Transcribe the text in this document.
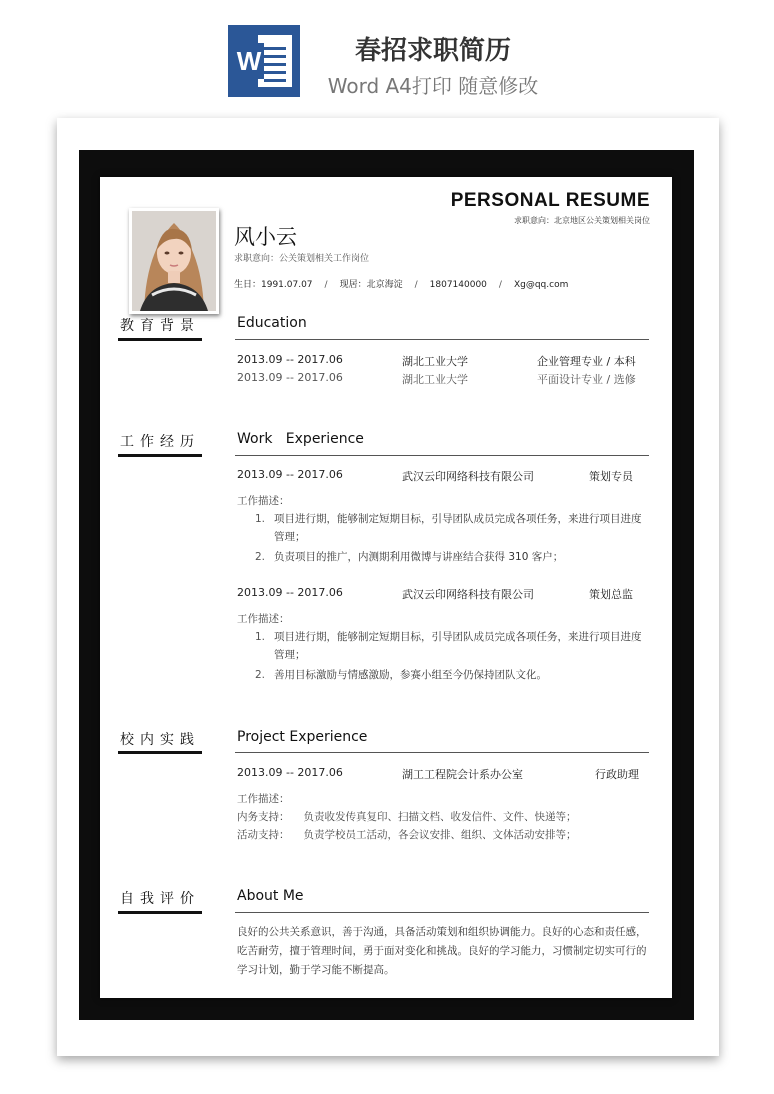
W	春招求职简历
Word A4打印 随意修改
PERSONAL RESUME
求职意向：北京地区公关策划相关岗位
风小云
求职意向：公关策划相关工作岗位
生日：1991.07.07 / 现居：北京海淀 / 1807140000 / Xg@qq.com
教育背景	Education
2013.09 -- 2017.06	湖北工业大学	企业管理专业 / 本科
2013.09 -- 2017.06	湖北工业大学	平面设计专业 / 选修
工作经历	Work   Experience
2013.09 -- 2017.06	武汉云印网络科技有限公司	策划专员
工作描述：
1. 项目进行期，能够制定短期目标，引导团队成员完成各项任务，来进行项目进度管理；
2. 负责项目的推广，内测期利用微博与讲座结合获得 310 客户；
2013.09 -- 2017.06	武汉云印网络科技有限公司	策划总监
工作描述：
1. 项目进行期，能够制定短期目标，引导团队成员完成各项任务，来进行项目进度管理；
2. 善用目标激励与情感激励，参赛小组至今仍保持团队文化。
校内实践	Project Experience
2013.09 -- 2017.06	湖工工程院会计系办公室	行政助理
工作描述：
内务支持： 负责收发传真复印、扫描文档、收发信件、文件、快递等；
活动支持： 负责学校员工活动，各会议安排、组织、文体活动安排等；
自我评价	About Me
良好的公共关系意识，善于沟通，具备活动策划和组织协调能力。良好的心态和责任感，吃苦耐劳，擅于管理时间，勇于面对变化和挑战。良好的学习能力，习惯制定切实可行的学习计划，勤于学习能不断提高。
